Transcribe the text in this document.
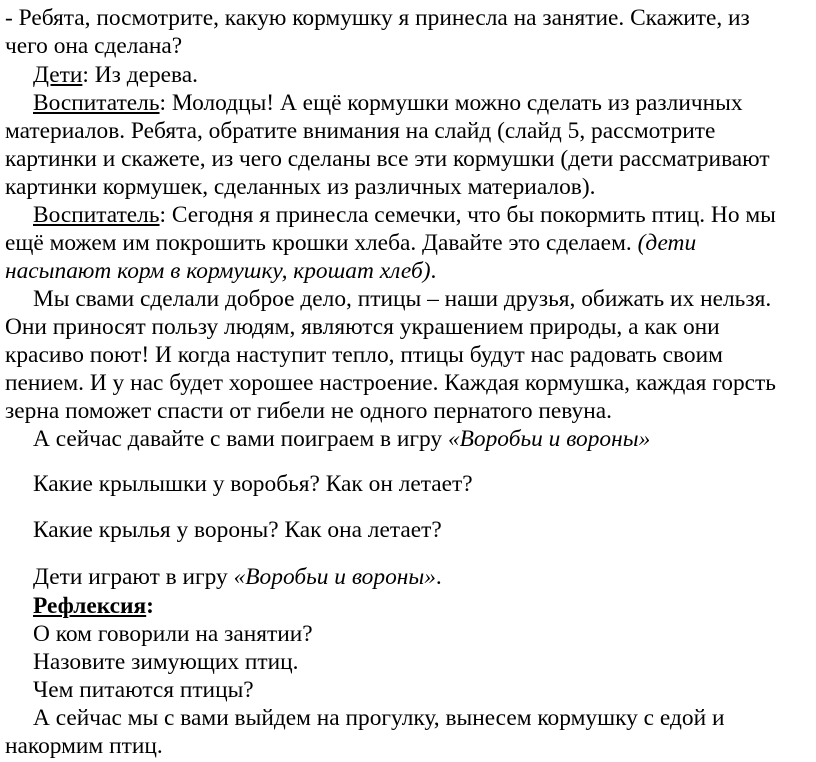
- Ребята, посмотрите, какую кормушку я принесла на занятие. Скажите, из
чего она сделана?
Дети: Из дерева.
Воспитатель: Молодцы! А ещё кормушки можно сделать из различных
материалов. Ребята, обратите внимания на слайд (слайд 5, рассмотрите
картинки и скажете, из чего сделаны все эти кормушки (дети рассматривают
картинки кормушек, сделанных из различных материалов).
Воспитатель: Сегодня я принесла семечки, что бы покормить птиц. Но мы
ещё можем им покрошить крошки хлеба. Давайте это сделаем. (дети
насыпают корм в кормушку, крошат хлеб).
Мы свами сделали доброе дело, птицы – наши друзья, обижать их нельзя.
Они приносят пользу людям, являются украшением природы, а как они
красиво поют! И когда наступит тепло, птицы будут нас радовать своим
пением. И у нас будет хорошее настроение. Каждая кормушка, каждая горсть
зерна поможет спасти от гибели не одного пернатого певуна.
А сейчас давайте с вами поиграем в игру «Воробьи и вороны»
Какие крылышки у воробья? Как он летает?
Какие крылья у вороны? Как она летает?
Дети играют в игру «Воробьи и вороны».
Рефлексия:
О ком говорили на занятии?
Назовите зимующих птиц.
Чем питаются птицы?
А сейчас мы с вами выйдем на прогулку, вынесем кормушку с едой и
накормим птиц.
